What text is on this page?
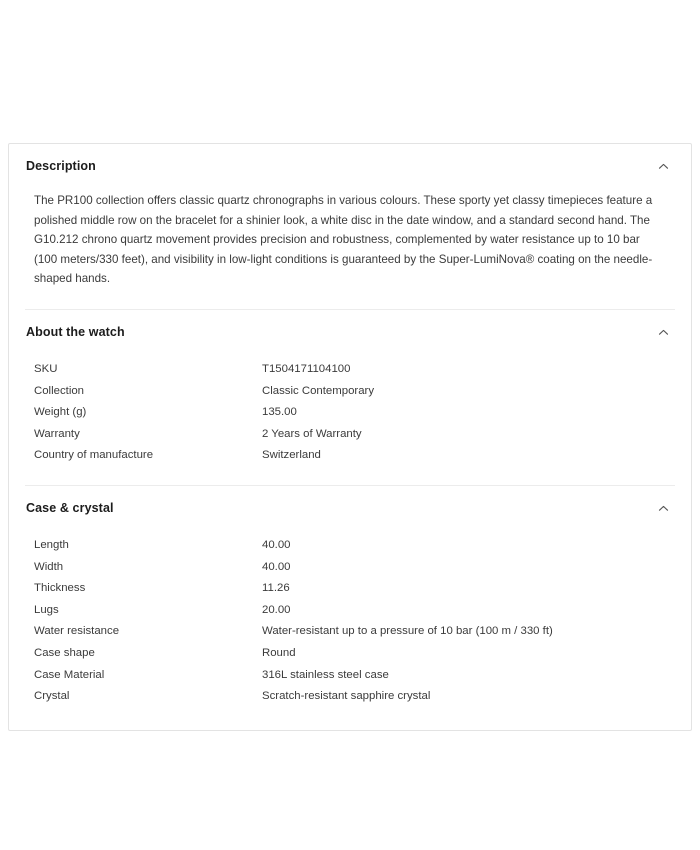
Description

The PR100 collection offers classic quartz chronographs in various colours. These sporty yet classy timepieces feature a polished middle row on the bracelet for a shinier look, a white disc in the date window, and a standard second hand. The G10.212 chrono quartz movement provides precision and robustness, complemented by water resistance up to 10 bar (100 meters/330 feet), and visibility in low-light conditions is guaranteed by the Super-LumiNova® coating on the needle-shaped hands.

About the watch
SKU	T1504171104100
Collection	Classic Contemporary
Weight (g)	135.00
Warranty	2 Years of Warranty
Country of manufacture	Switzerland
Case & crystal
Length	40.00
Width	40.00
Thickness	11.26
Lugs	20.00
Water resistance	Water-resistant up to a pressure of 10 bar (100 m / 330 ft)
Case shape	Round
Case Material	316L stainless steel case
Crystal	Scratch-resistant sapphire crystal
